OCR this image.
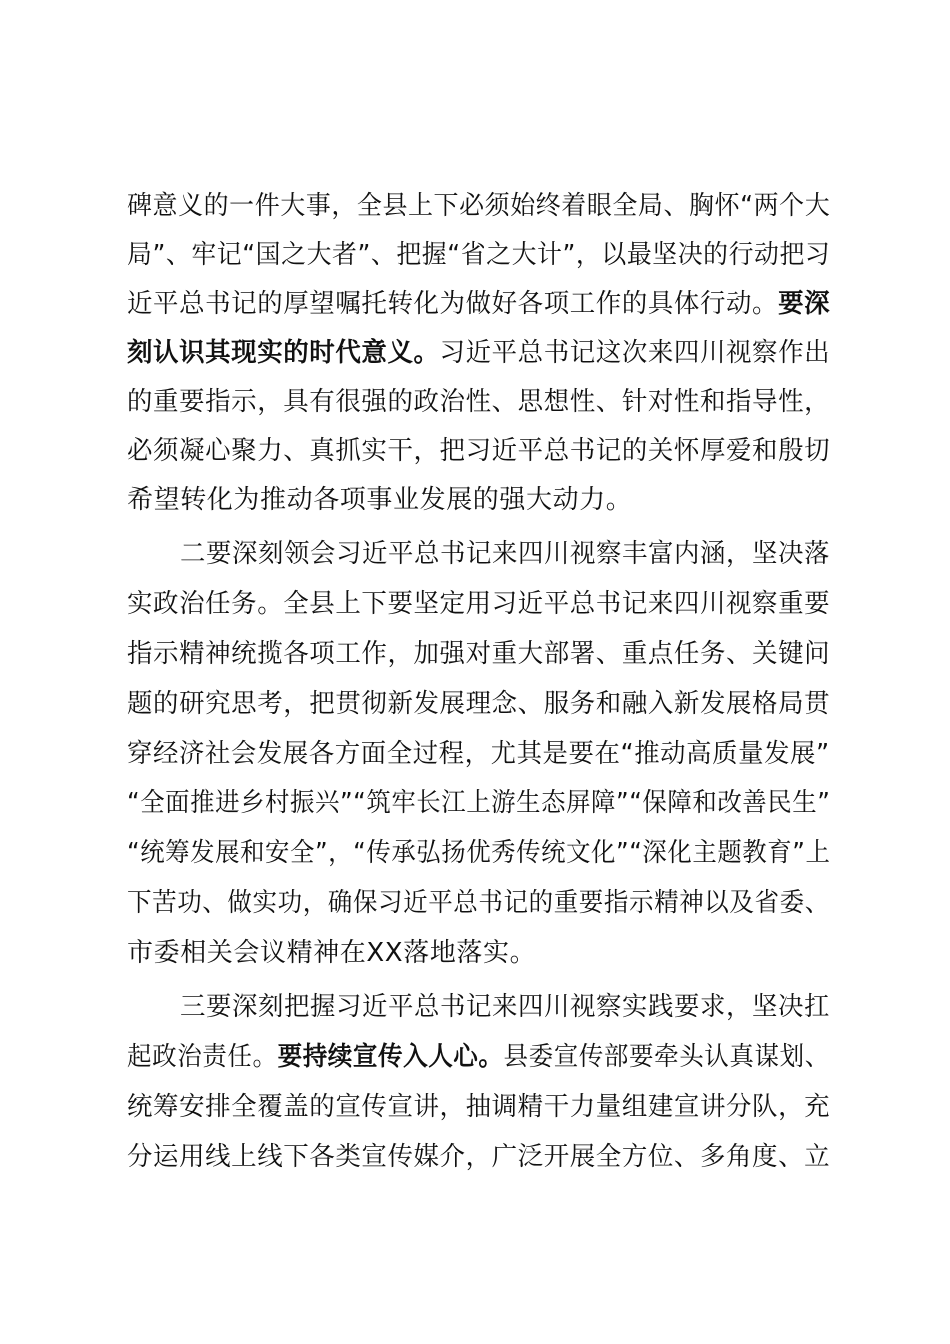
碑意义的一件大事，全县上下必须始终着眼全局、胸怀“两个大
局”、牢记“国之大者”、把握“省之大计”，以最坚决的行动把习
近平总书记的厚望嘱托转化为做好各项工作的具体行动。要深
刻认识其现实的时代意义。习近平总书记这次来四川视察作出
的重要指示，具有很强的政治性、思想性、针对性和指导性，
必须凝心聚力、真抓实干，把习近平总书记的关怀厚爱和殷切
希望转化为推动各项事业发展的强大动力。
二要深刻领会习近平总书记来四川视察丰富内涵，坚决落
实政治任务。全县上下要坚定用习近平总书记来四川视察重要
指示精神统揽各项工作，加强对重大部署、重点任务、关键问
题的研究思考，把贯彻新发展理念、服务和融入新发展格局贯
穿经济社会发展各方面全过程，尤其是要在“推动高质量发展”
“全面推进乡村振兴”“筑牢长江上游生态屏障”“保障和改善民生”
“统筹发展和安全”，“传承弘扬优秀传统文化”“深化主题教育”上
下苦功、做实功，确保习近平总书记的重要指示精神以及省委、
市委相关会议精神在XX落地落实。
三要深刻把握习近平总书记来四川视察实践要求，坚决扛
起政治责任。要持续宣传入人心。县委宣传部要牵头认真谋划、
统筹安排全覆盖的宣传宣讲，抽调精干力量组建宣讲分队，充
分运用线上线下各类宣传媒介，广泛开展全方位、多角度、立
